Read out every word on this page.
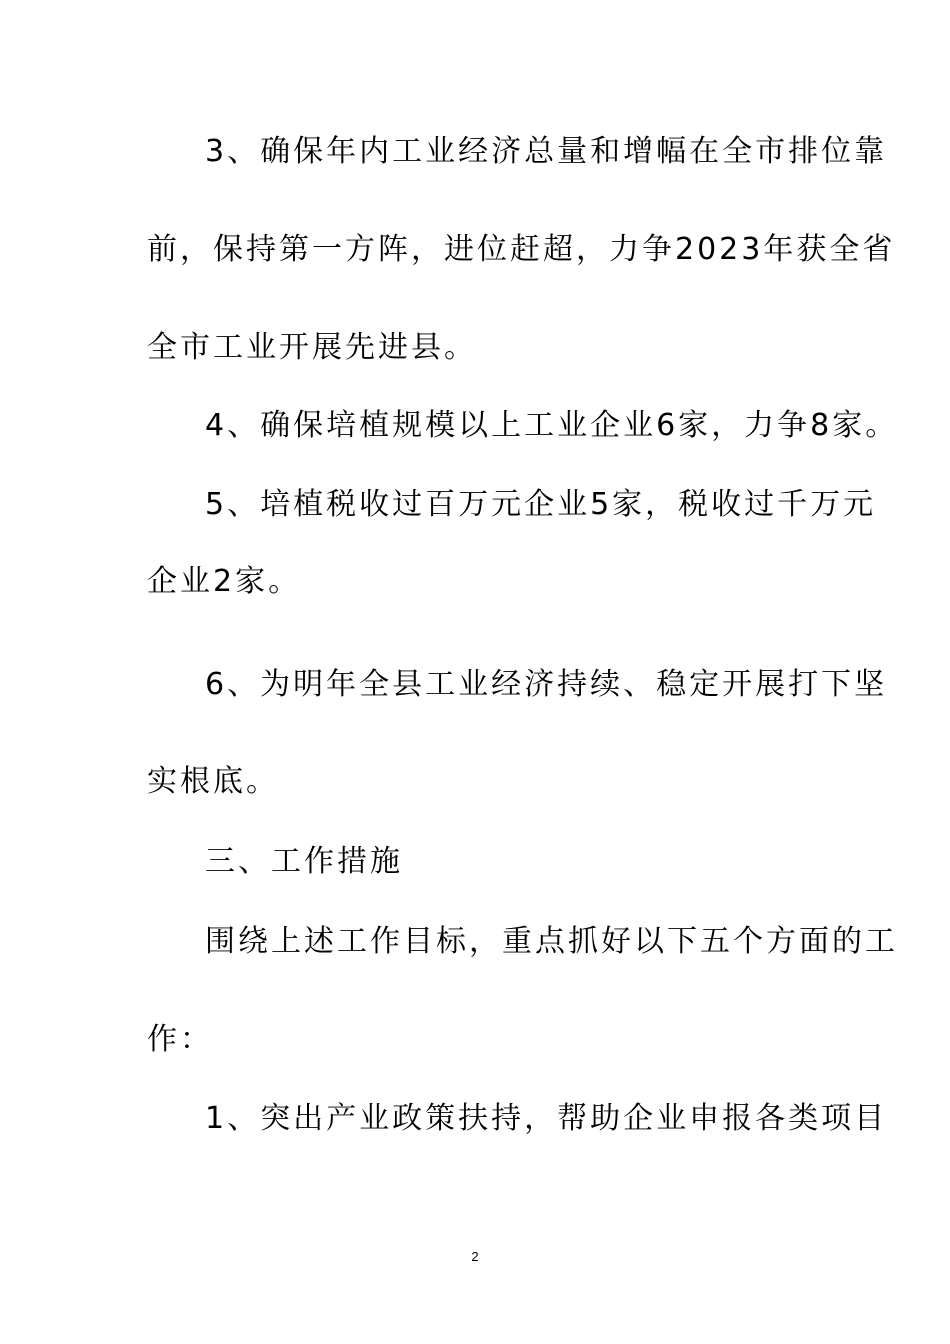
3、确保年内工业经济总量和增幅在全市排位靠
前，保持第一方阵，进位赶超，力争2023年获全省
全市工业开展先进县。
4、确保培植规模以上工业企业6家，力争8家。
5、培植税收过百万元企业5家，税收过千万元
企业2家。
6、为明年全县工业经济持续、稳定开展打下坚
实根底。
三、工作措施
围绕上述工作目标，重点抓好以下五个方面的工
作：
1、突出产业政策扶持，帮助企业申报各类项目
2
